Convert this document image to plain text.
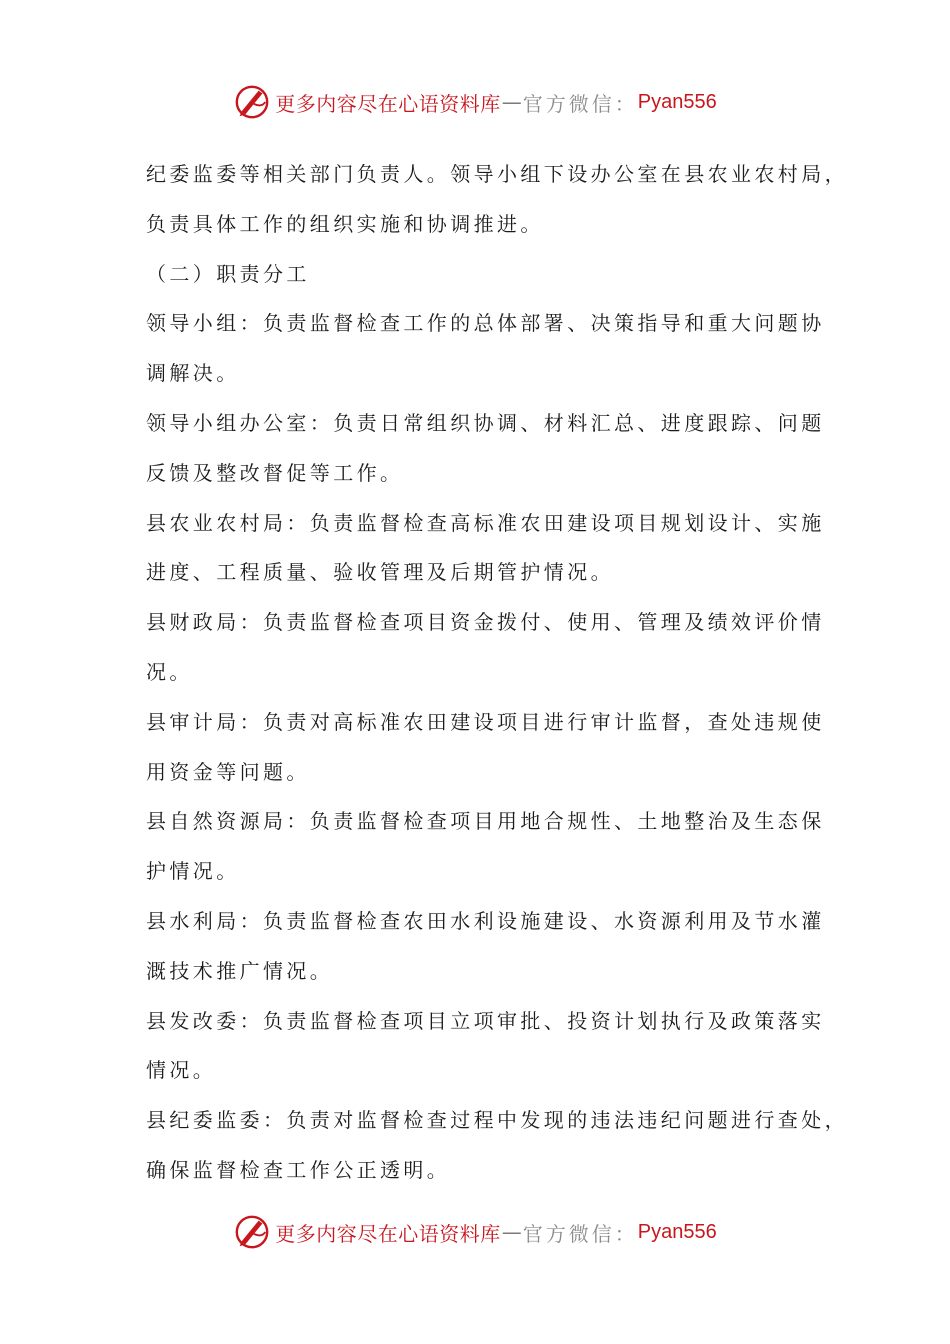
更多内容尽在心语资料库 — 官方微信： Pyan556
纪委监委等相关部门负责人。领导小组下设办公室在县农业农村局，
负责具体工作的组织实施和协调推进。
（二）职责分工
领导小组：负责监督检查工作的总体部署、决策指导和重大问题协
调解决。
领导小组办公室：负责日常组织协调、材料汇总、进度跟踪、问题
反馈及整改督促等工作。
县农业农村局：负责监督检查高标准农田建设项目规划设计、实施
进度、工程质量、验收管理及后期管护情况。
县财政局：负责监督检查项目资金拨付、使用、管理及绩效评价情
况。
县审计局：负责对高标准农田建设项目进行审计监督，查处违规使
用资金等问题。
县自然资源局：负责监督检查项目用地合规性、土地整治及生态保
护情况。
县水利局：负责监督检查农田水利设施建设、水资源利用及节水灌
溉技术推广情况。
县发改委：负责监督检查项目立项审批、投资计划执行及政策落实
情况。
县纪委监委：负责对监督检查过程中发现的违法违纪问题进行查处，
确保监督检查工作公正透明。
更多内容尽在心语资料库 — 官方微信： Pyan556
